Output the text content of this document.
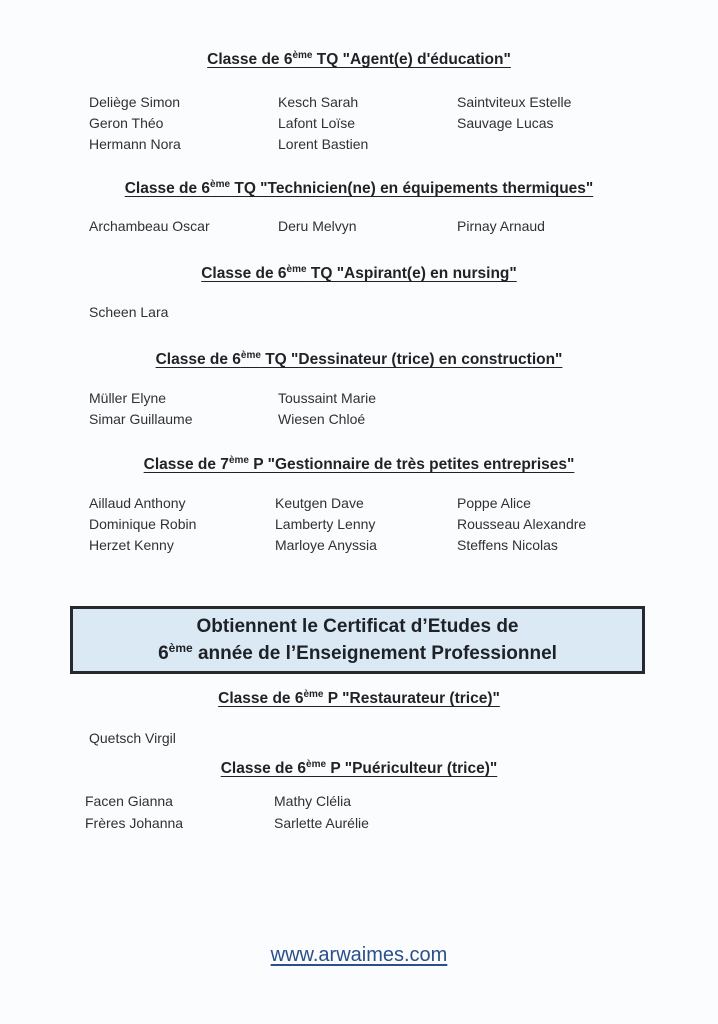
Classe de 6ème TQ "Agent(e) d'éducation"
Deliège Simon
Geron Théo
Hermann Nora
Kesch Sarah
Lafont Loïse
Lorent Bastien
Saintviteux Estelle
Sauvage Lucas
Classe de 6ème TQ "Technicien(ne) en équipements thermiques"
Archambeau Oscar	Deru Melvyn	Pirnay Arnaud
Classe de 6ème TQ "Aspirant(e) en nursing"
Scheen Lara
Classe de 6ème TQ "Dessinateur (trice) en construction"
Müller Elyne
Simar Guillaume
Toussaint Marie
Wiesen Chloé
Classe de 7ème P "Gestionnaire de très petites entreprises"
Aillaud Anthony
Dominique Robin
Herzet Kenny
Keutgen Dave
Lamberty Lenny
Marloye Anyssia
Poppe Alice
Rousseau Alexandre
Steffens Nicolas
Obtiennent le Certificat d’Etudes de
6ème année de l’Enseignement Professionnel
Classe de 6ème P "Restaurateur (trice)"
Quetsch Virgil
Classe de 6ème P "Puériculteur (trice)"
Facen Gianna
Frères Johanna
Mathy Clélia
Sarlette Aurélie
www.arwaimes.com
